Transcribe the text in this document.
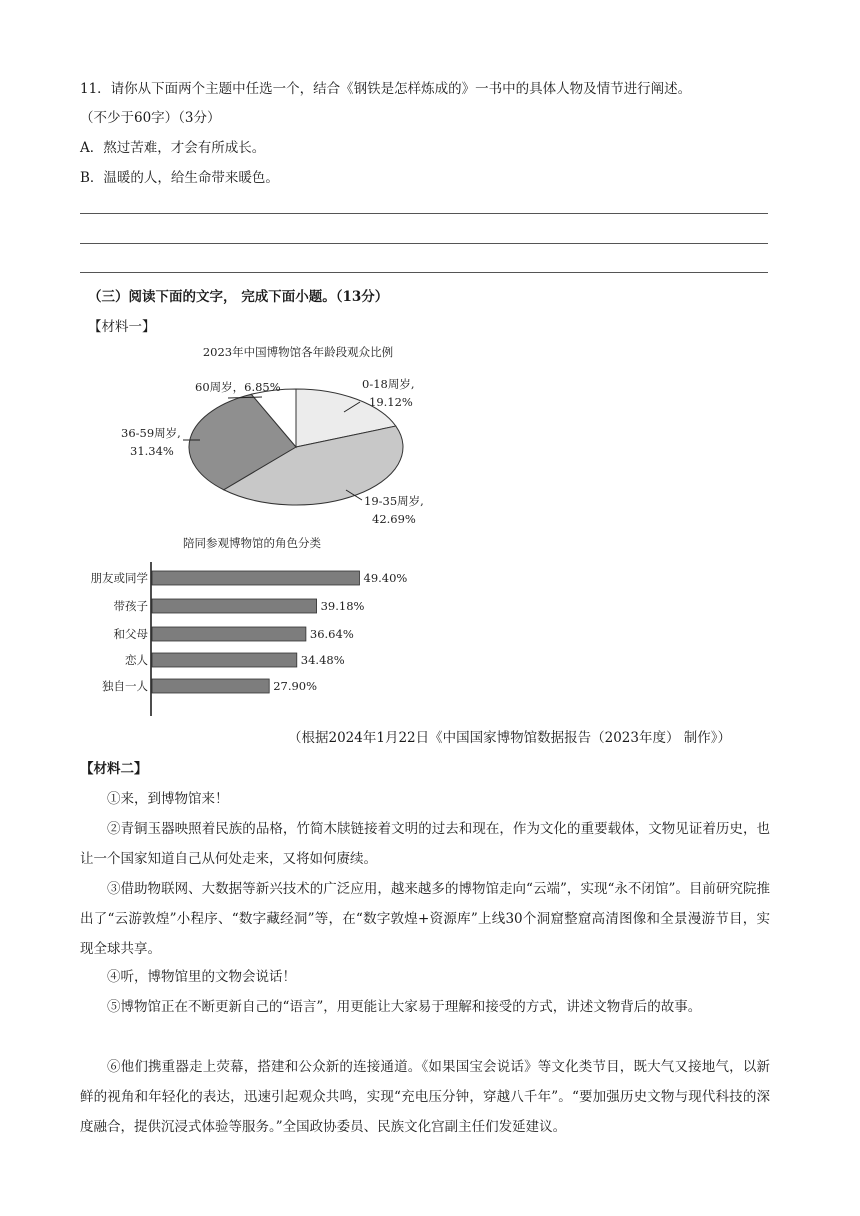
11．请你从下面两个主题中任选一个，结合《钢铁是怎样炼成的》一书中的具体人物及情节进行阐述。
（不少于60字）（3分）
A．熬过苦难，才会有所成长。
B．温暖的人，给生命带来暖色。
（三）阅读下面的文字， 完成下面小题。（13分）
【材料一】
2023年中国博物馆各年龄段观众比例
60周岁，6.85%	0-18周岁,
19.12%
36-59周岁,
31.34%
19-35周岁,
42.69%
陪同参观博物馆的角色分类
朋友或同学	49.40%
带孩子	39.18%
和父母	36.64%
恋人	34.48%
独自一人	27.90%
（根据2024年1月22日《中国国家博物馆数据报告（2023年度） 制作》）
【材料二】
①来，到博物馆来！
②青铜玉器映照着民族的品格，竹简木牍链接着文明的过去和现在，作为文化的重要载体，文物见证着历史，也让一个国家知道自己从何处走来，又将如何赓续。
③借助物联网、大数据等新兴技术的广泛应用，越来越多的博物馆走向“云端”，实现“永不闭馆”。目前研究院推出了“云游敦煌”小程序、“数字藏经洞”等，在“数字敦煌+资源库”上线30个洞窟整窟高清图像和全景漫游节目，实现全球共享。
④听，博物馆里的文物会说话！
⑤博物馆正在不断更新自己的“语言”，用更能让大家易于理解和接受的方式，讲述文物背后的故事。
⑥他们携重器走上荧幕，搭建和公众新的连接通道。《如果国宝会说话》等文化类节目，既大气又接地气，以新鲜的视角和年轻化的表达，迅速引起观众共鸣，实现“充电压分钟，穿越八千年”。“要加强历史文物与现代科技的深度融合，提供沉浸式体验等服务。”全国政协委员、民族文化宫副主任们发延建议。
